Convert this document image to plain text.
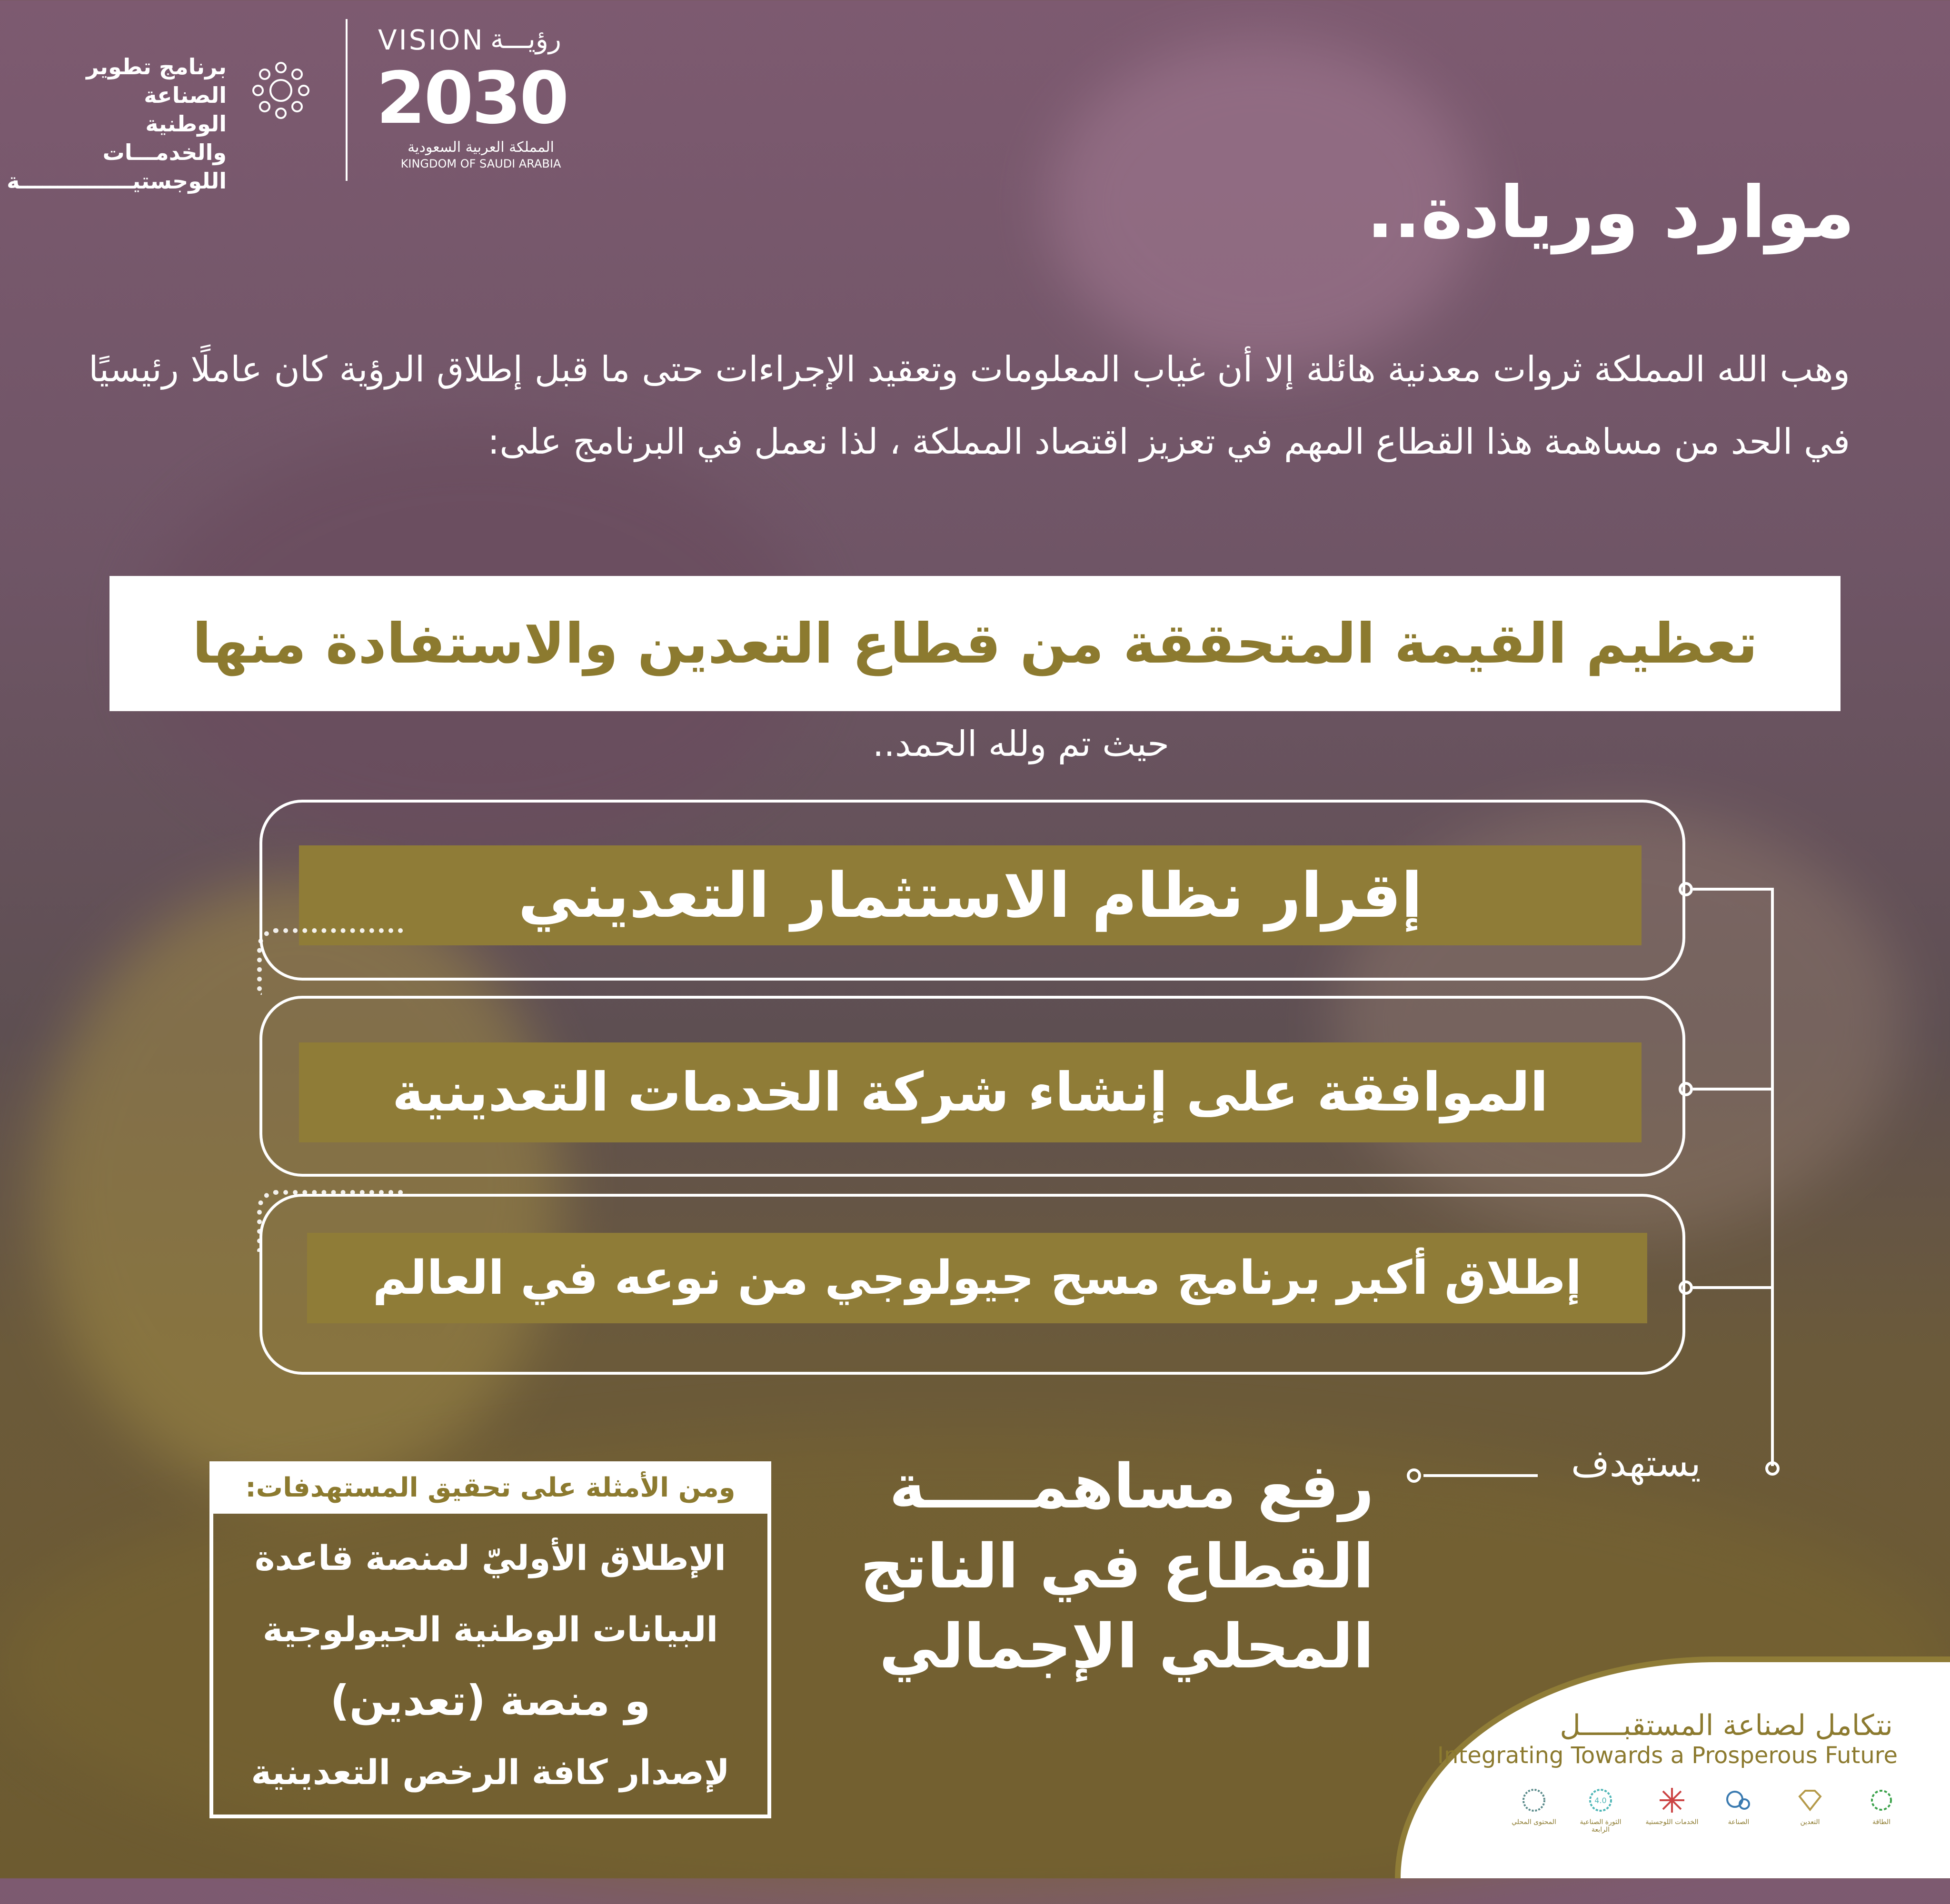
برنامج تطوير الصناعة
الوطنية والخدمـــات
اللوجستيـــــــــــــــة
VISION رؤيـــة
2030
المملكة العربية السعودية
KINGDOM OF SAUDI ARABIA
موارد وريادة..
وهب الله المملكة ثروات معدنية هائلة إلا أن غياب المعلومات وتعقيد الإجراءات حتى ما قبل إطلاق الرؤية كان عاملًا رئيسيًا في الحد من مساهمة هذا القطاع المهم في تعزيز اقتصاد المملكة ، لذا نعمل في البرنامج على:
تعظيم القيمة المتحققة من قطاع التعدين والاستفادة منها
حيث تم ولله الحمد..
إقرار نظام الاستثمار التعديني
الموافقة على إنشاء شركة الخدمات التعدينية
إطلاق أكبر برنامج مسح جيولوجي من نوعه في العالم
يستهدف
رفع مساهمـــــة
القطاع في الناتج
المحلي الإجمالي
ومن الأمثلة على تحقيق المستهدفات:
الإطلاق الأوليّ لمنصة قاعدة
البيانات الوطنية الجيولوجية
و منصة (تعدين)
لإصدار كافة الرخص التعدينية
نتكامل لصناعة المستقبـــــل
Integrating Towards a Prosperous Future
المحتوى المحلي
4.0
الثورة الصناعية الرابعة
الخدمات اللوجستية	الصناعة	التعدين	الطاقة
